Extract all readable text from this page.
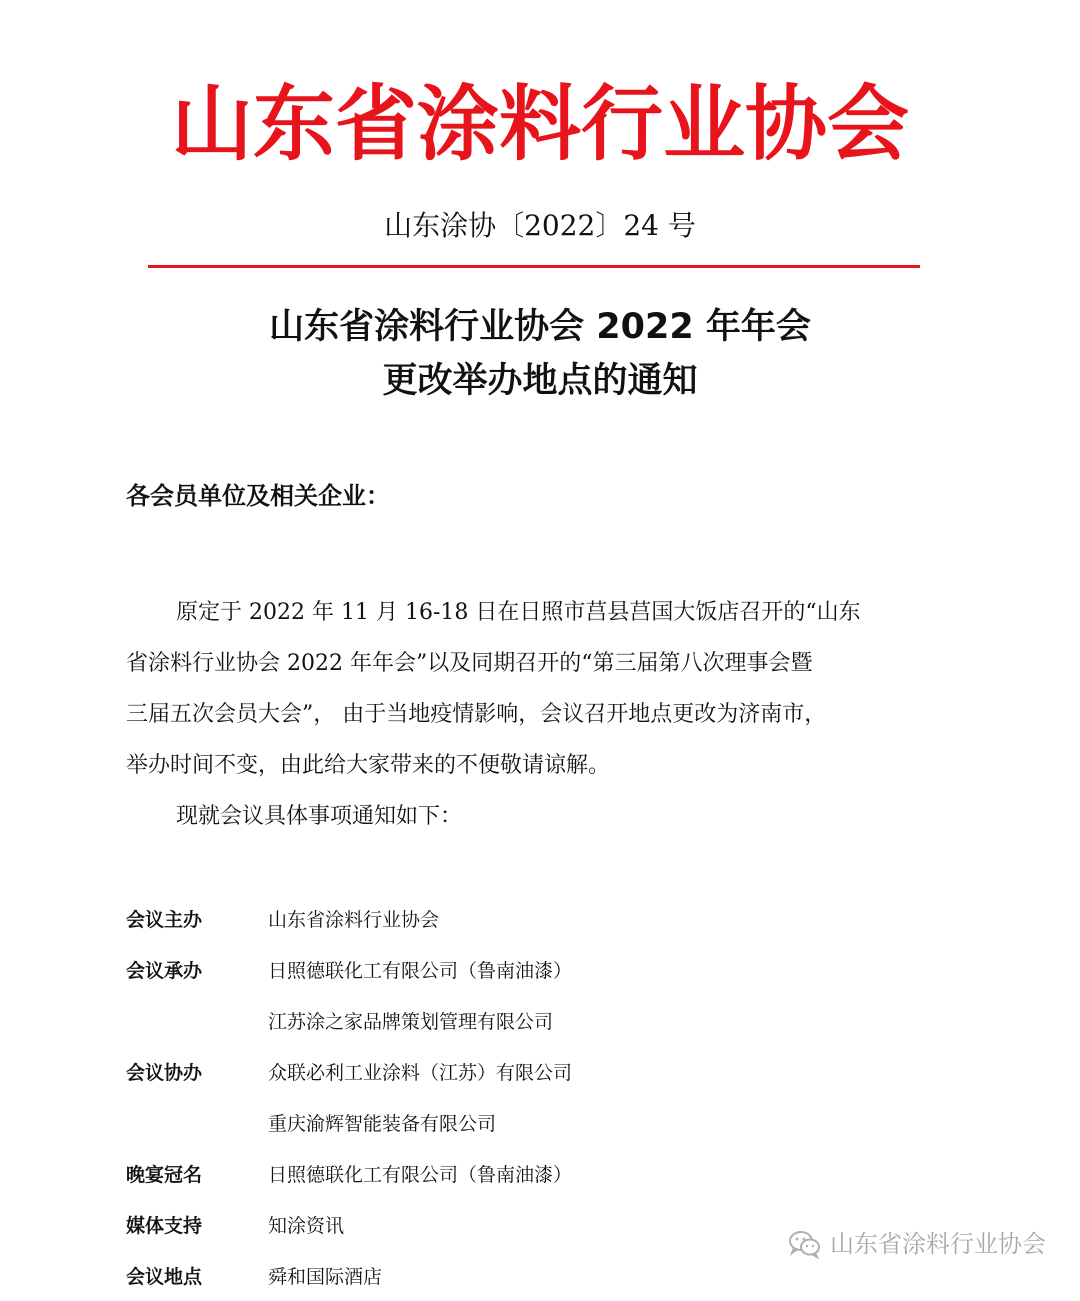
山东省涂料行业协会
山东涂协〔2022〕24 号
山东省涂料行业协会 2022 年年会
更改举办地点的通知
各会员单位及相关企业：
原定于 2022 年 11 月 16-18 日在日照市莒县莒国大饭店召开的“山东
省涂料行业协会 2022 年年会”以及同期召开的“第三届第八次理事会暨
三届五次会员大会”， 由于当地疫情影响，会议召开地点更改为济南市，
举办时间不变，由此给大家带来的不便敬请谅解。
现就会议具体事项通知如下：
会议主办	山东省涂料行业协会
会议承办	日照德联化工有限公司（鲁南油漆）
江苏涂之家品牌策划管理有限公司
会议协办	众联必利工业涂料（江苏）有限公司
重庆渝辉智能装备有限公司
晚宴冠名	日照德联化工有限公司（鲁南油漆）
媒体支持	知涂资讯
会议地点	舜和国际酒店
山东省涂料行业协会
